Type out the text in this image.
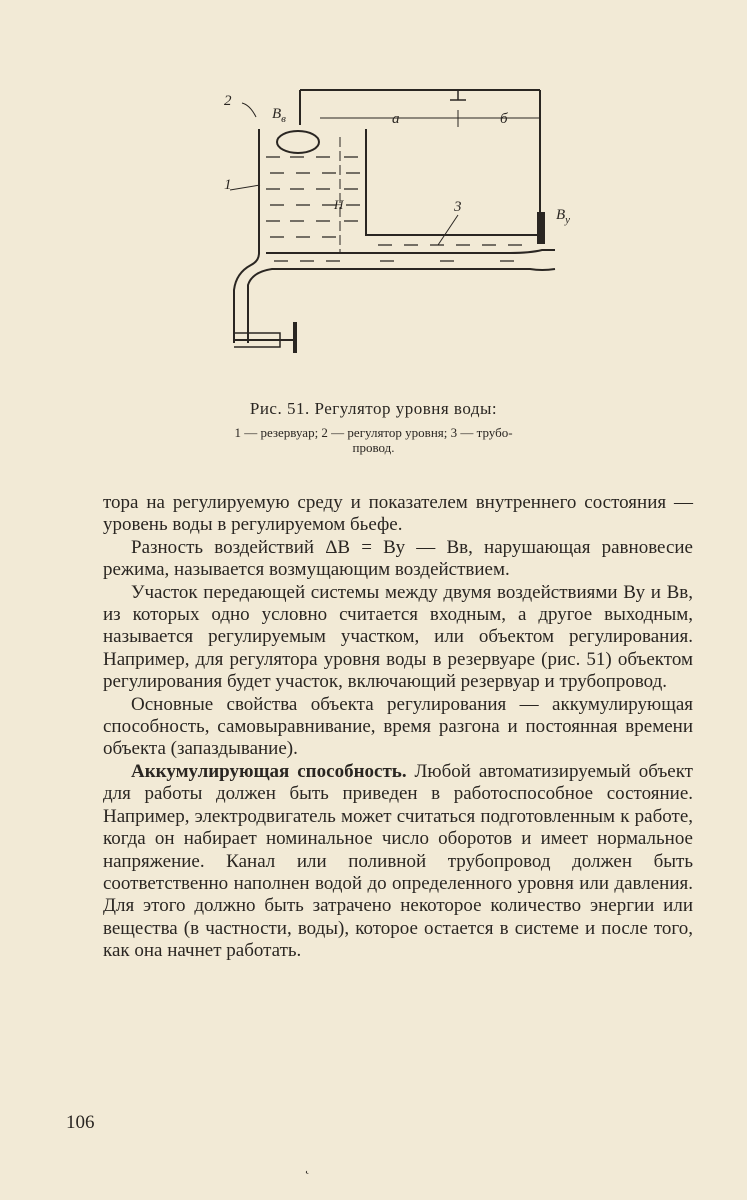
2
$В_в$
1
Н
а	б
3	$В_у$
Рис. 51. Регулятор уровня воды:
1 — резервуар; 2 — регулятор уровня; 3 — трубо-
провод.

тора на регулируемую среду и показателем внутреннего состояния — уровень воды в регулируемом бьефе.

Разность воздействий ΔВ = Ву — Вв, нарушающая равновесие режима, называется возмущающим воздействием.

Участок передающей системы между двумя воздействиями Ву и Вв, из которых одно условно считается входным, а другое выходным, называется регулируемым участком, или объектом регулирования. Например, для регулятора уровня воды в резервуаре (рис. 51) объектом регулирования будет участок, включающий резервуар и трубопровод.

Основные свойства объекта регулирования — аккумулирующая способность, самовыравнивание, время разгона и постоянная времени объекта (запаздывание).

Аккумулирующая способность. Любой автоматизируемый объект для работы должен быть приведен в работоспособное состояние. Например, электродвигатель может считаться подготовленным к работе, когда он набирает номинальное число оборотов и имеет нормальное напряжение. Канал или поливной трубопровод должен быть соответственно наполнен водой до определенного уровня или давления. Для этого должно быть затрачено некоторое количество энергии или вещества (в частности, воды), которое остается в системе и после того, как она начнет работать.

106
˛
